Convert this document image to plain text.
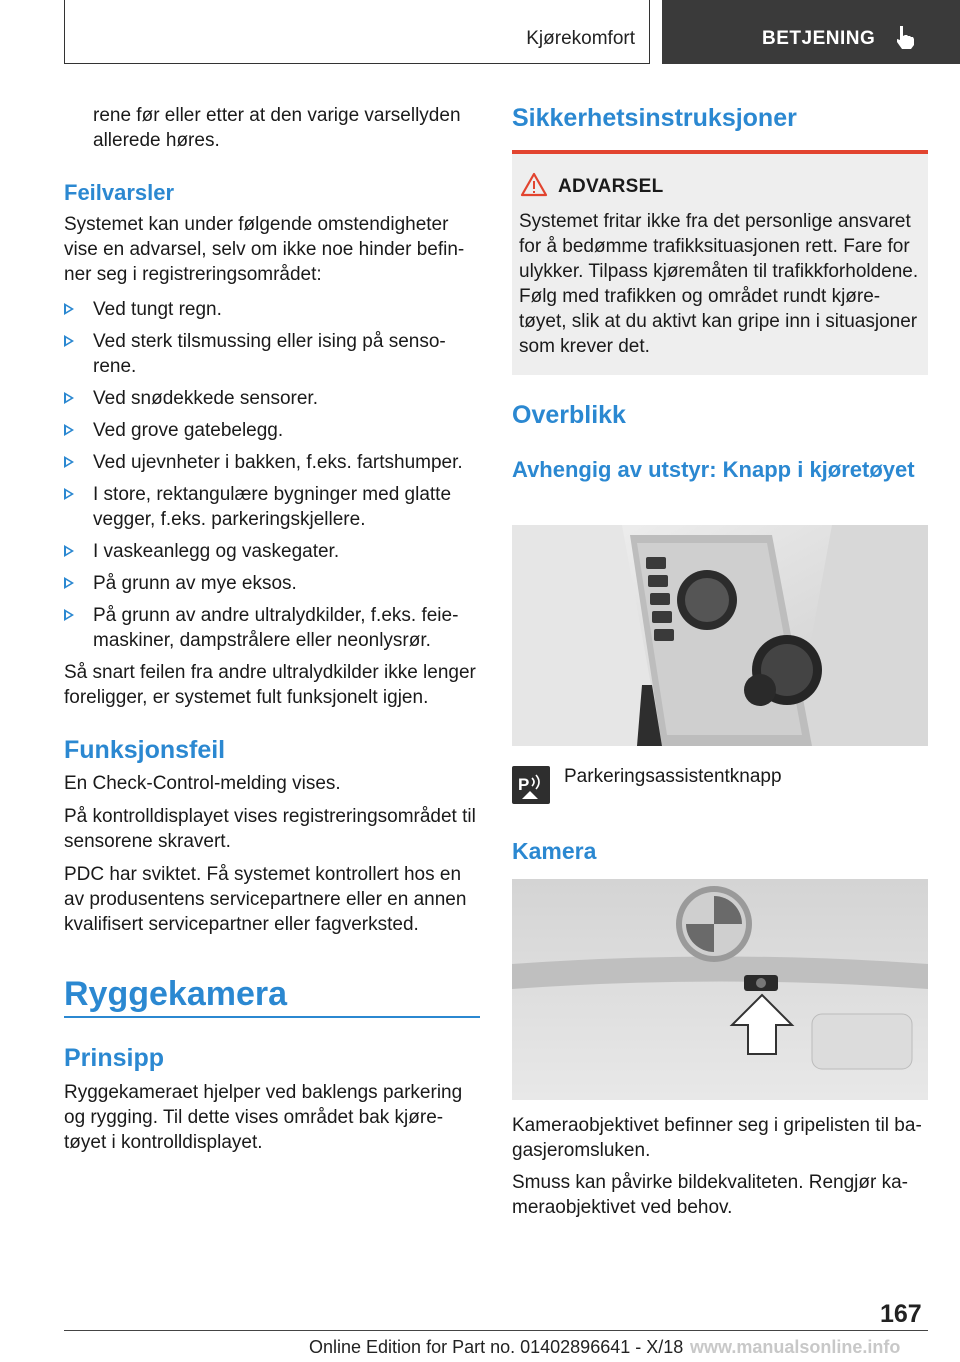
Kjørekomfort	BETJENING
rene før eller etter at den varige varsellyden allerede høres.
Feilvarsler
Systemet kan under følgende omstendigheter vise en advarsel, selv om ikke noe hinder befin- ner seg i registreringsområdet:
Ved tungt regn.
Ved sterk tilsmussing eller ising på senso- rene.
Ved snødekkede sensorer.
Ved grove gatebelegg.
Ved ujevnheter i bakken, f.eks. fartshumper.
I store, rektangulære bygninger med glatte vegger, f.eks. parkeringskjellere.
I vaskeanlegg og vaskegater.
På grunn av mye eksos.
På grunn av andre ultralydkilder, f.eks. feie- maskiner, dampstrålere eller neonlysrør.
Så snart feilen fra andre ultralydkilder ikke lenger foreligger, er systemet fult funksjonelt igjen.
Funksjonsfeil
En Check-Control-melding vises.
På kontrolldisplayet vises registreringsområdet til sensorene skravert.
PDC har sviktet. Få systemet kontrollert hos en av produsentens servicepartnere eller en annen kvalifisert servicepartner eller fagverksted.
Ryggekamera
Prinsipp
Ryggekameraet hjelper ved baklengs parkering og rygging. Til dette vises området bak kjøre- tøyet i kontrolldisplayet.
Sikkerhetsinstruksjoner
ADVARSEL
Systemet fritar ikke fra det personlige ansvaret for å bedømme trafikksituasjonen rett. Fare for ulykker. Tilpass kjøremåten til trafikkforholdene. Følg med trafikken og området rundt kjøre- tøyet, slik at du aktivt kan gripe inn i situasjoner som krever det.
Overblikk
Avhengig av utstyr: Knapp i kjøretøyet
P Parkeringsassistentknapp
Kamera
Kameraobjektivet befinner seg i gripelisten til ba- gasjeromsluken.
Smuss kan påvirke bildekvaliteten. Rengjør ka- meraobjektivet ved behov.
167
Online Edition for Part no. 01402896641 - X/18 www.manualsonline.info
